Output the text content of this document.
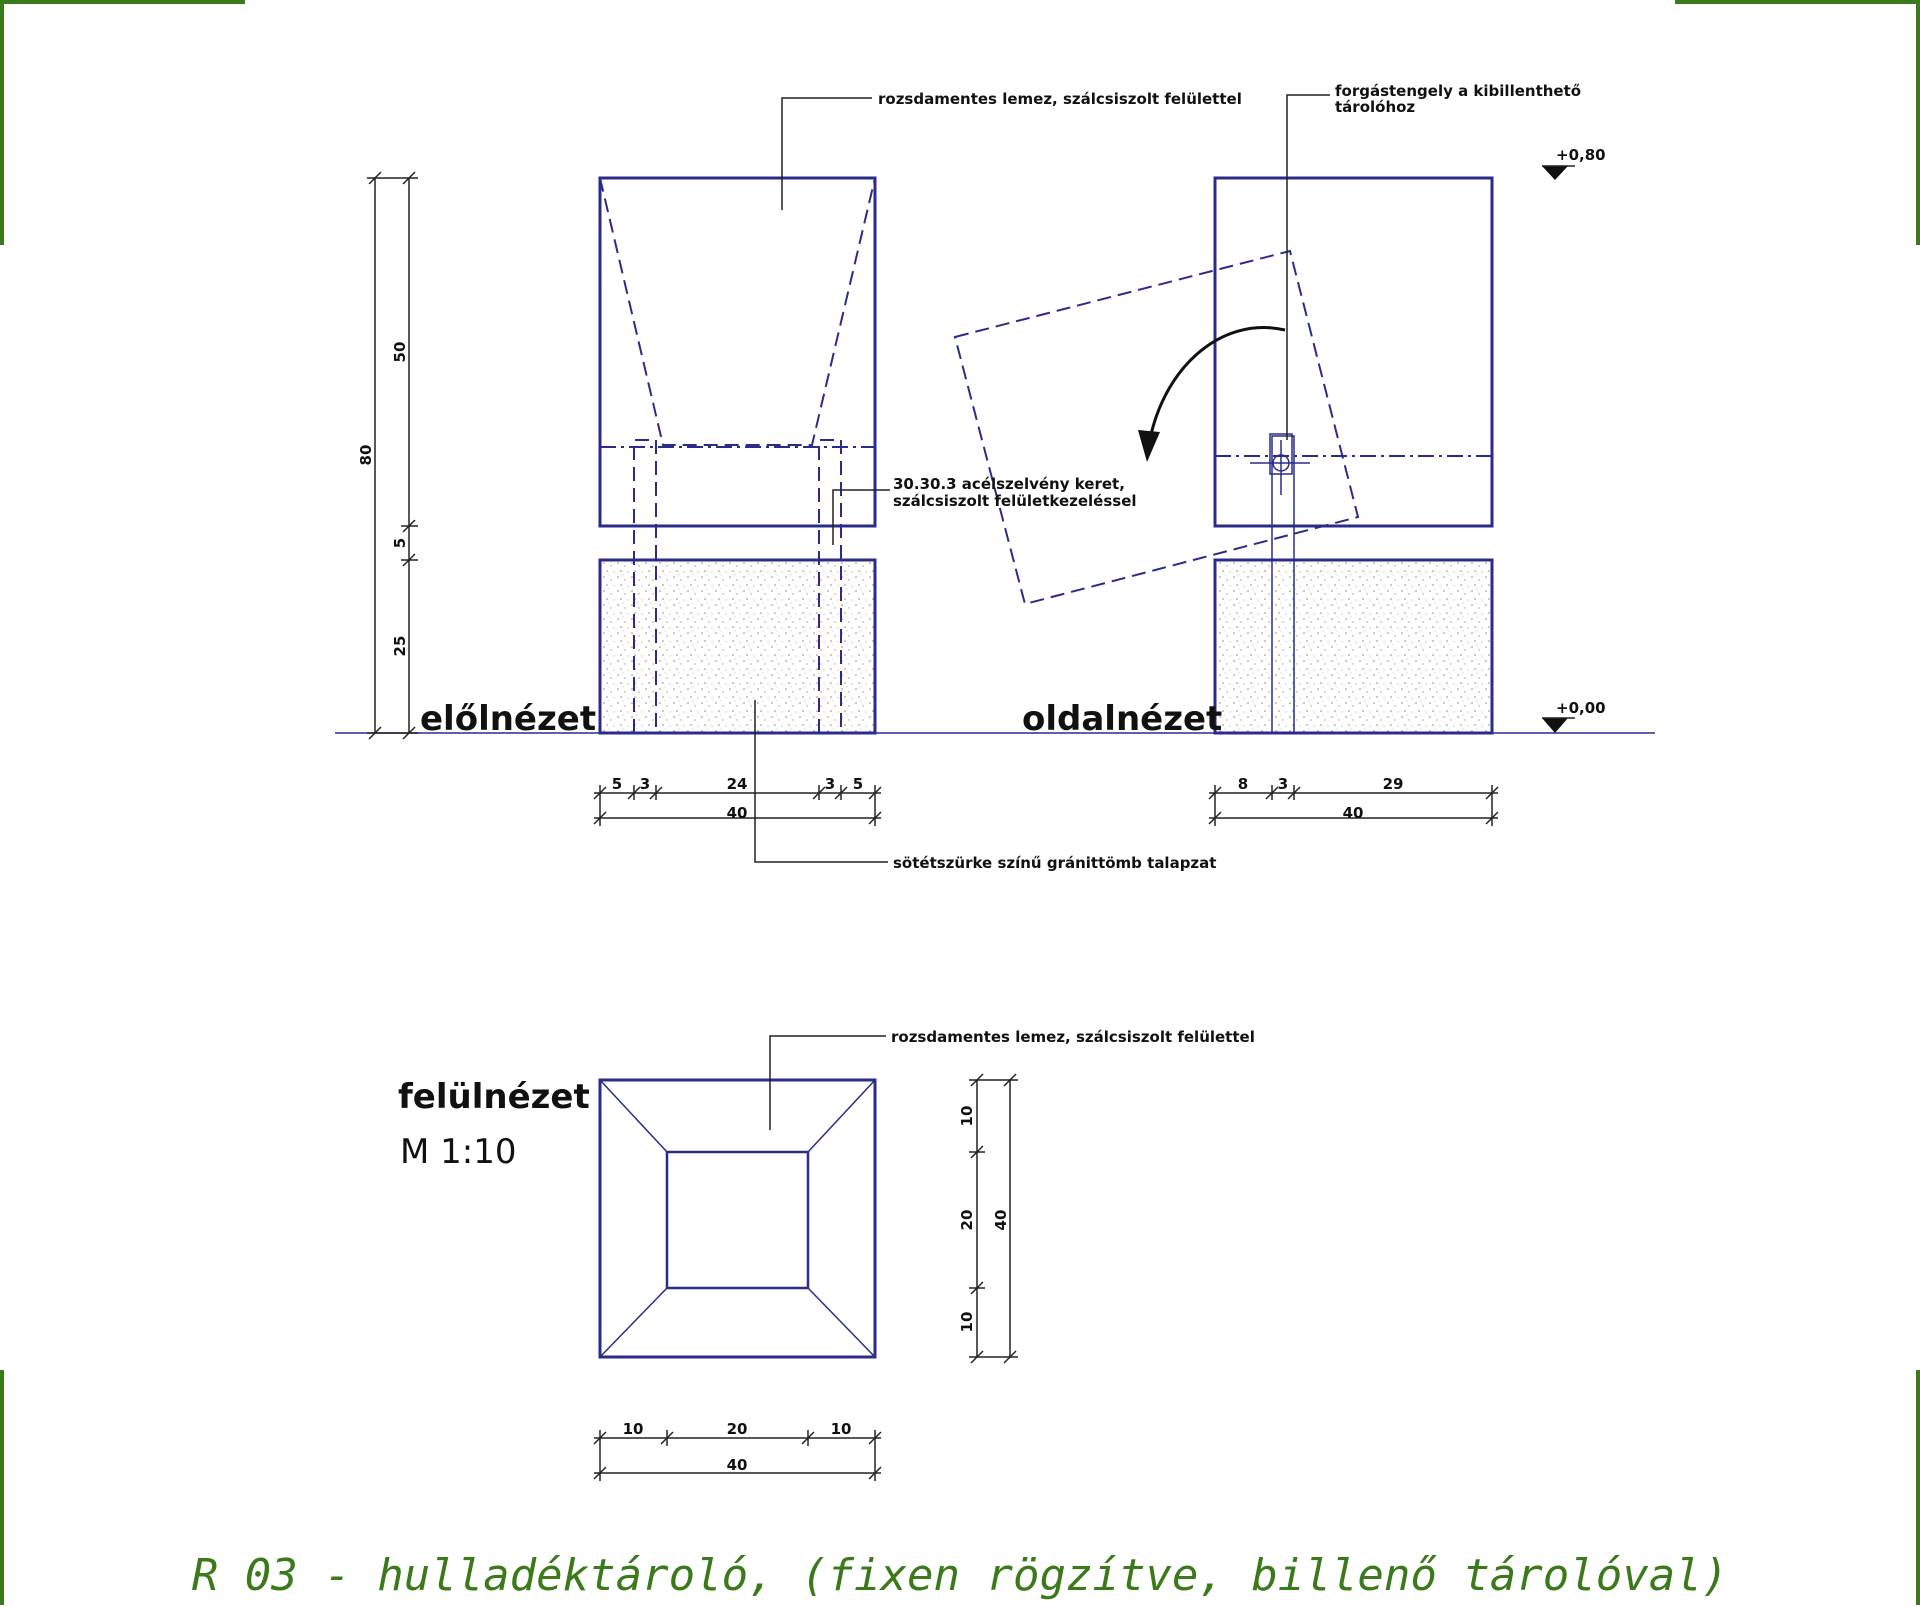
rozsdamentes lemez, szálcsiszolt felülettel	forgástengely a kibillenthető
tárolóhoz
30.30.3 acélszelvény keret,
szálcsiszolt felületkezeléssel
sötétszürke színű gránittömb talapzat
rozsdamentes lemez, szálcsiszolt felülettel
+0,80
+0,00
előlnézet	oldalnézet
felülnézet
M 1:10
80
50
5
25
5 3	24	3 5
40
8 3	29
40
10
20
10
40
10	20	10
40
R 03 - hulladéktároló, (fixen rögzítve, billenő tárolóval)
